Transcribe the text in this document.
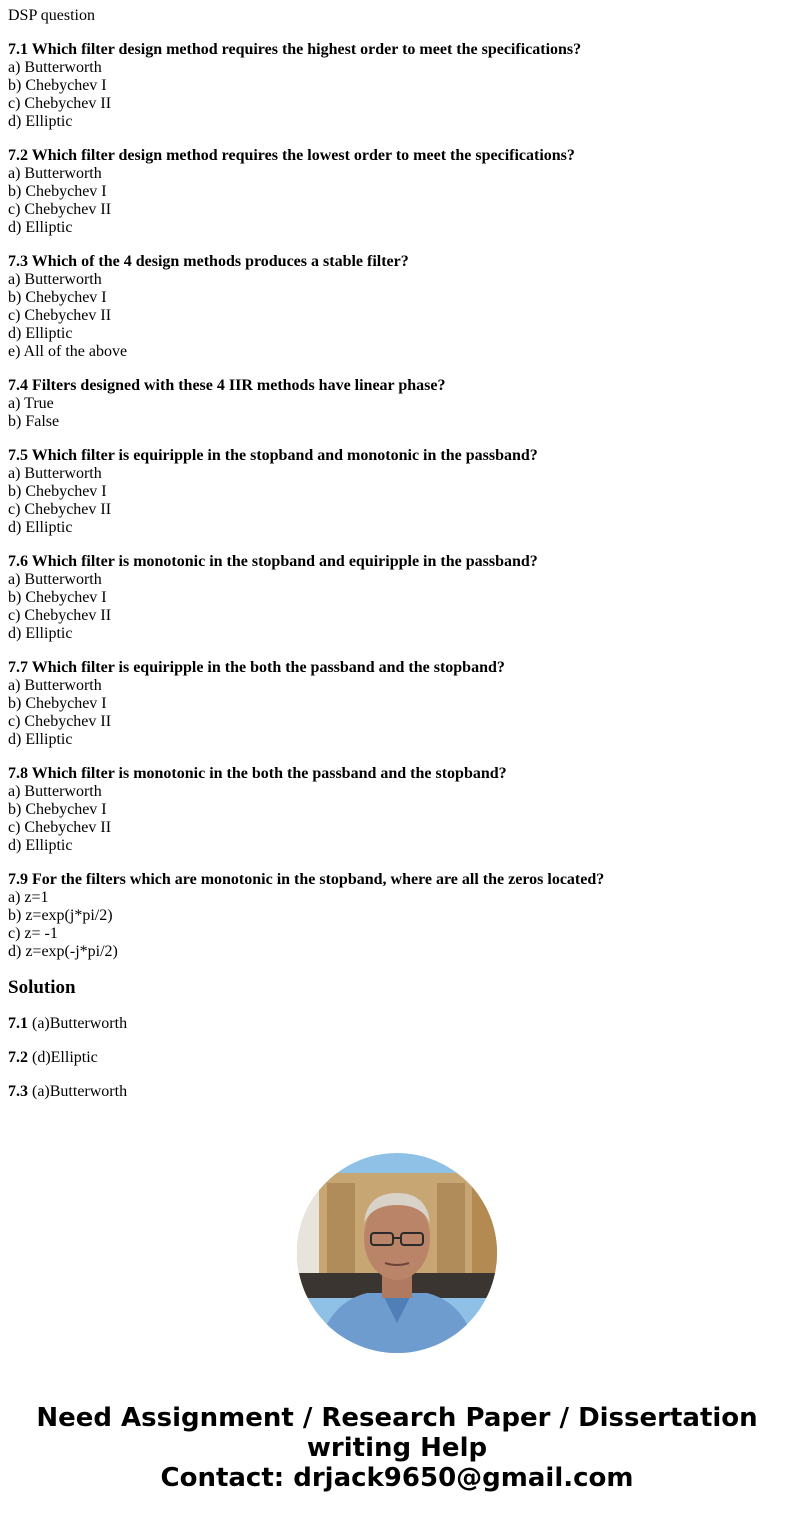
DSP question
7.1 Which filter design method requires the highest order to meet the specifications?
a) Butterworth
b) Chebychev I
c) Chebychev II
d) Elliptic
7.2 Which filter design method requires the lowest order to meet the specifications?
a) Butterworth
b) Chebychev I
c) Chebychev II
d) Elliptic
7.3 Which of the 4 design methods produces a stable filter?
a) Butterworth
b) Chebychev I
c) Chebychev II
d) Elliptic
e) All of the above
7.4 Filters designed with these 4 IIR methods have linear phase?
a) True
b) False
7.5 Which filter is equiripple in the stopband and monotonic in the passband?
a) Butterworth
b) Chebychev I
c) Chebychev II
d) Elliptic
7.6 Which filter is monotonic in the stopband and equiripple in the passband?
a) Butterworth
b) Chebychev I
c) Chebychev II
d) Elliptic
7.7 Which filter is equiripple in the both the passband and the stopband?
a) Butterworth
b) Chebychev I
c) Chebychev II
d) Elliptic
7.8 Which filter is monotonic in the both the passband and the stopband?
a) Butterworth
b) Chebychev I
c) Chebychev II
d) Elliptic
7.9 For the filters which are monotonic in the stopband, where are all the zeros located?
a) z=1
b) z=exp(j*pi/2)
c) z= -1
d) z=exp(-j*pi/2)
Solution
7.1 (a)Butterworth
7.2 (d)Elliptic
7.3 (a)Butterworth
Need Assignment / Research Paper / Dissertation
writing Help
Contact: drjack9650@gmail.com
